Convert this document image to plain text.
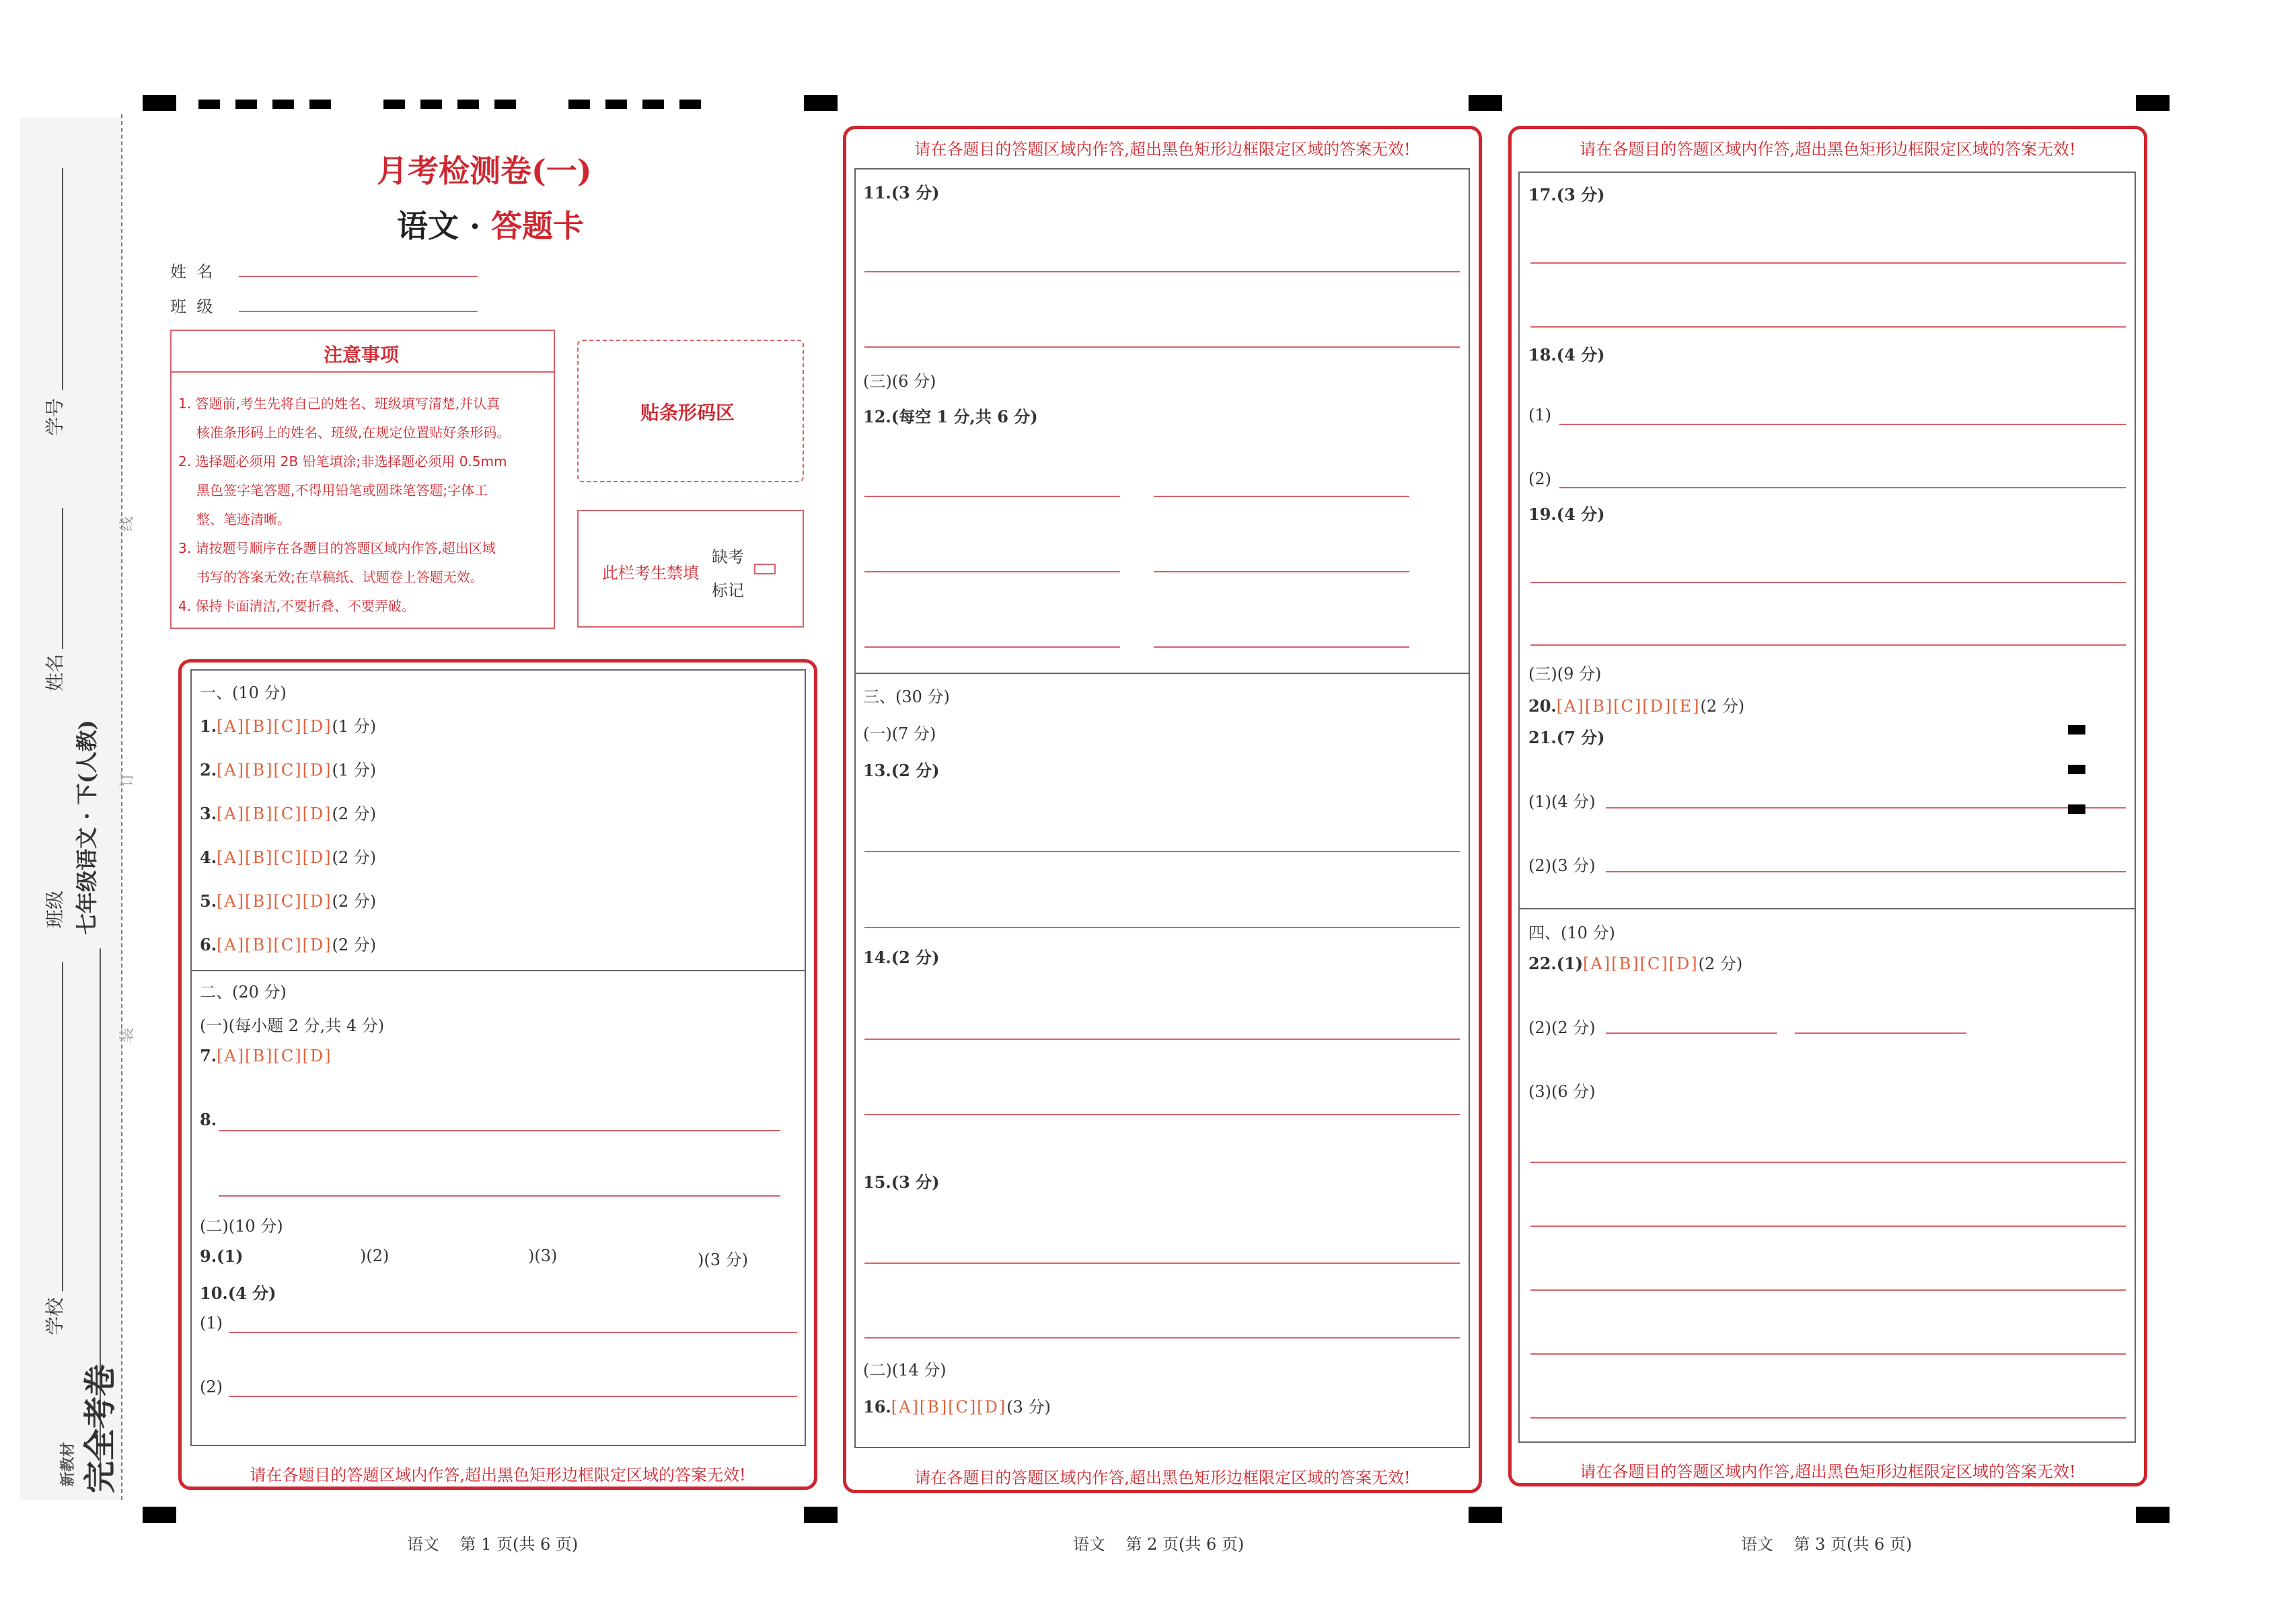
学号
姓名
班级
学校
七年级语文 · 下(人教)
线
订
装
新教材 完全考卷
月考检测卷(一)
语文 · 答题卡
姓  名
班  级
注意事项
1. 答题前,考生先将自己的姓名、班级填写清楚,并认真
核准条形码上的姓名、班级,在规定位置贴好条形码。
2. 选择题必须用 2B 铅笔填涂;非选择题必须用 0.5mm
黑色签字笔答题,不得用铅笔或圆珠笔答题;字体工
整、笔迹清晰。
3. 请按题号顺序在各题目的答题区域内作答,超出区域
书写的答案无效;在草稿纸、试题卷上答题无效。
4. 保持卡面清洁,不要折叠、不要弄破。
贴条形码区
此栏考生禁填
缺考
标记
一、(10 分)
1.[A][B][C][D](1 分)
2.[A][B][C][D](1 分)
3.[A][B][C][D](2 分)
4.[A][B][C][D](2 分)
5.[A][B][C][D](2 分)
6.[A][B][C][D](2 分)
二、(20 分)
(一)(每小题 2 分,共 4 分)
7.[A][B][C][D]
8.
(二)(10 分)
9.(1)	)(2)	)(3)	)(3 分)
10.(4 分)
(1)
(2)
请在各题目的答题区域内作答,超出黑色矩形边框限定区域的答案无效!
语文    第 1 页(共 6 页)
请在各题目的答题区域内作答,超出黑色矩形边框限定区域的答案无效!
11.(3 分)
(三)(6 分)
12.(每空 1 分,共 6 分)
三、(30 分)
(一)(7 分)
13.(2 分)
14.(2 分)
15.(3 分)
(二)(14 分)
16.[A][B][C][D](3 分)
请在各题目的答题区域内作答,超出黑色矩形边框限定区域的答案无效!
语文    第 2 页(共 6 页)
请在各题目的答题区域内作答,超出黑色矩形边框限定区域的答案无效!
17.(3 分)
18.(4 分)
(1)
(2)
19.(4 分)
(三)(9 分)
20.[A][B][C][D][E](2 分)
21.(7 分)
(1)(4 分)
(2)(3 分)
四、(10 分)
22.(1)[A][B][C][D](2 分)
(2)(2 分)
(3)(6 分)
请在各题目的答题区域内作答,超出黑色矩形边框限定区域的答案无效!
语文    第 3 页(共 6 页)
